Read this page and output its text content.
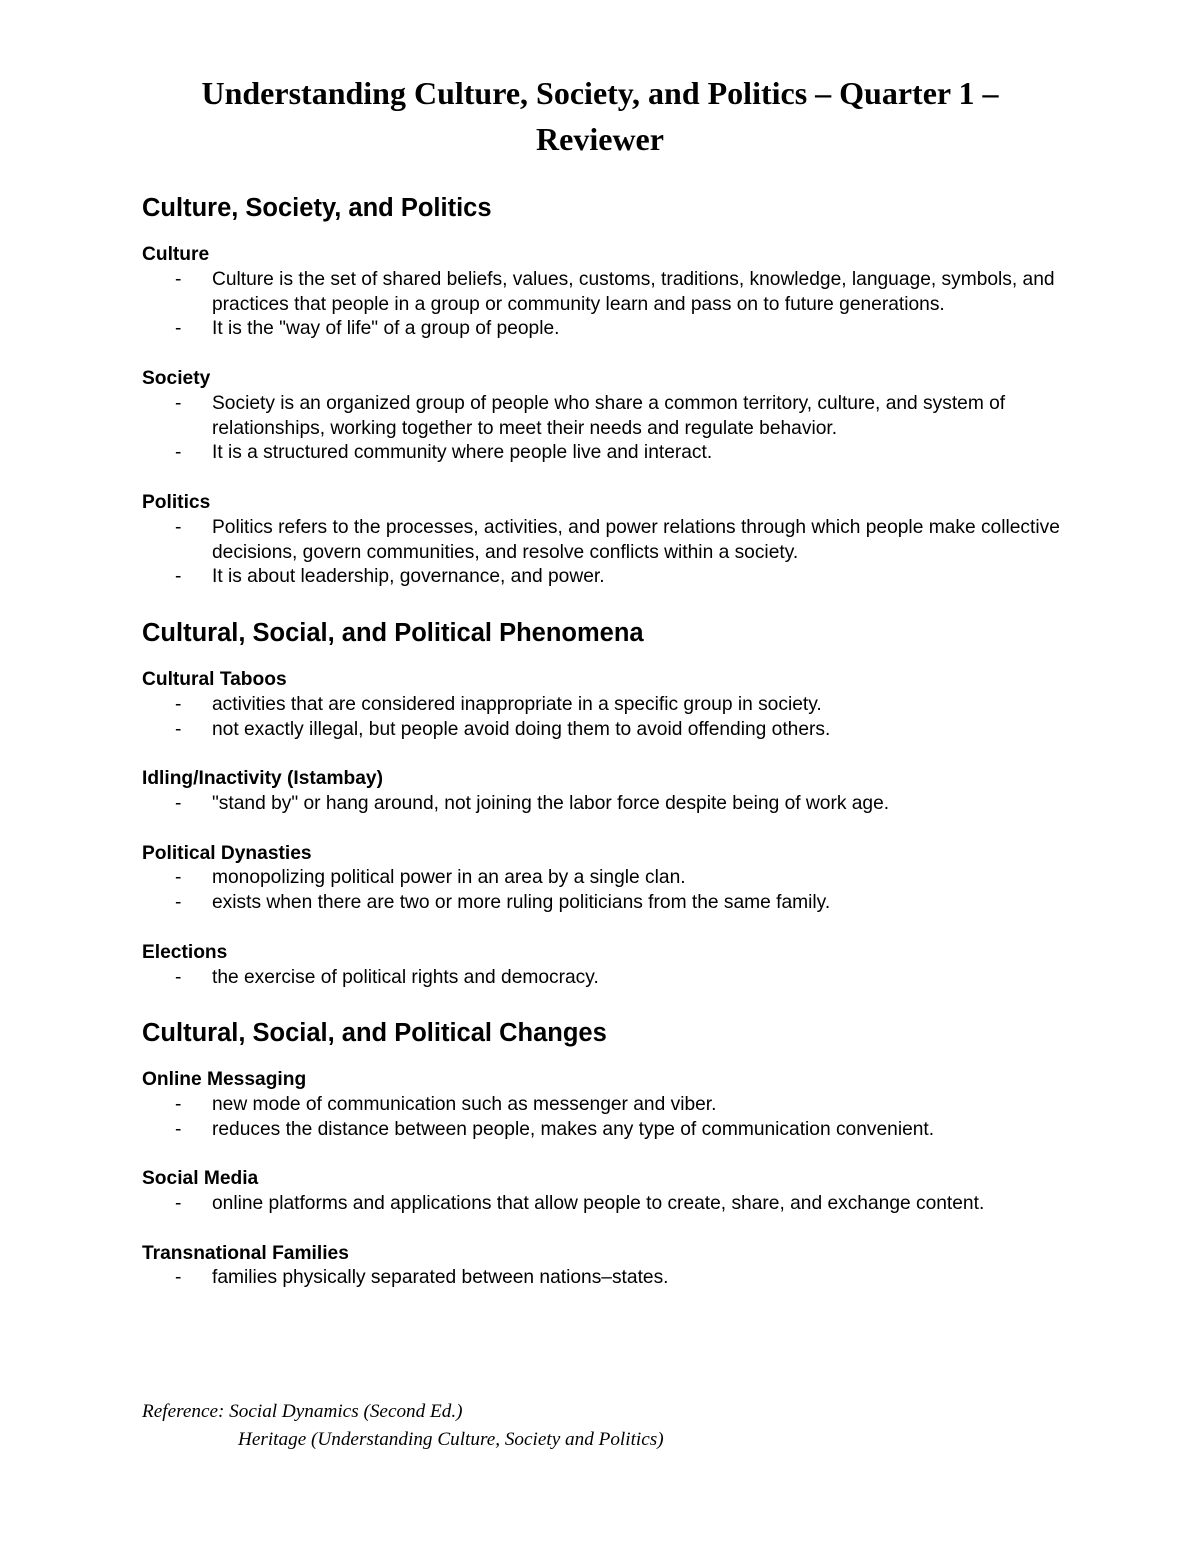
Understanding Culture, Society, and Politics – Quarter 1 –
Reviewer
Culture, Society, and Politics
Culture
- Culture is the set of shared beliefs, values, customs, traditions, knowledge, language, symbols, and practices that people in a group or community learn and pass on to future generations.
- It is the "way of life" of a group of people.
Society
- Society is an organized group of people who share a common territory, culture, and system of relationships, working together to meet their needs and regulate behavior.
- It is a structured community where people live and interact.
Politics
- Politics refers to the processes, activities, and power relations through which people make collective decisions, govern communities, and resolve conflicts within a society.
- It is about leadership, governance, and power.
Cultural, Social, and Political Phenomena
Cultural Taboos
- activities that are considered inappropriate in a specific group in society.
- not exactly illegal, but people avoid doing them to avoid offending others.
Idling/Inactivity (Istambay)
- "stand by" or hang around, not joining the labor force despite being of work age.
Political Dynasties
- monopolizing political power in an area by a single clan.
- exists when there are two or more ruling politicians from the same family.
Elections
- the exercise of political rights and democracy.
Cultural, Social, and Political Changes
Online Messaging
- new mode of communication such as messenger and viber.
- reduces the distance between people, makes any type of communication convenient.
Social Media
- online platforms and applications that allow people to create, share, and exchange content.
Transnational Families
- families physically separated between nations–states.
Reference: Social Dynamics (Second Ed.)
Heritage (Understanding Culture, Society and Politics)
